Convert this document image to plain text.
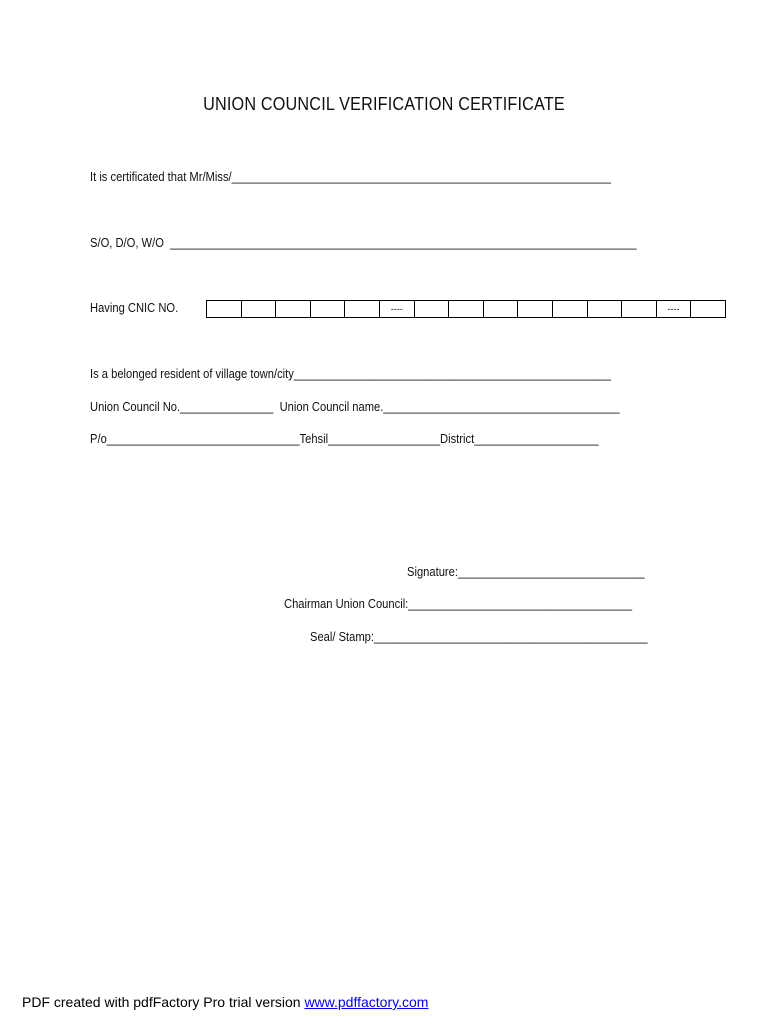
UNION COUNCIL VERIFICATION CERTIFICATE
It is certificated that Mr/Miss/_____________________________________________________________
S/O, D/O, W/O  ___________________________________________________________________________
Having CNIC NO.	----	----
Is a belonged resident of village town/city___________________________________________________
Union Council No._______________  Union Council name.______________________________________
P/o_______________________________Tehsil__________________District____________________
Signature:______________________________
Chairman Union Council:____________________________________
Seal/ Stamp:____________________________________________
PDF created with pdfFactory Pro trial version www.pdffactory.com
